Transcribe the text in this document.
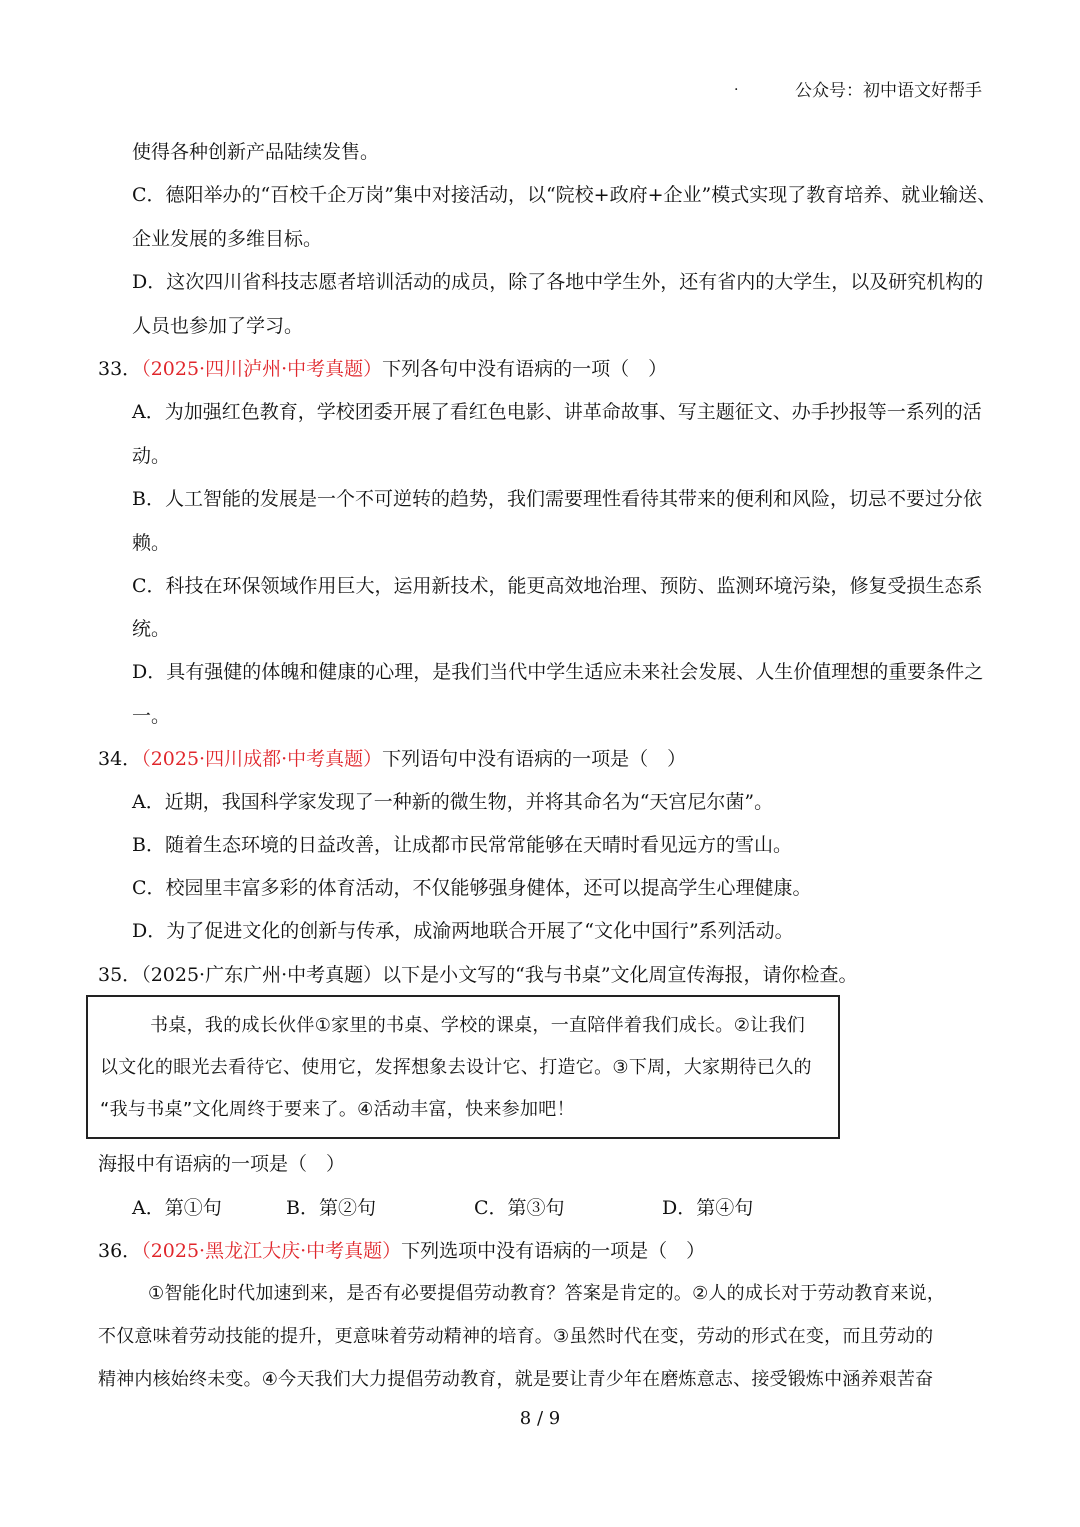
.	公众号：初中语文好帮手
使得各种创新产品陆续发售。
C．德阳举办的“百校千企万岗”集中对接活动，以“院校+政府+企业”模式实现了教育培养、就业输送、
企业发展的多维目标。
D．这次四川省科技志愿者培训活动的成员，除了各地中学生外，还有省内的大学生，以及研究机构的
人员也参加了学习。
33．（2025·四川泸州·中考真题）下列各句中没有语病的一项（　）
A．为加强红色教育，学校团委开展了看红色电影、讲革命故事、写主题征文、办手抄报等一系列的活
动。
B．人工智能的发展是一个不可逆转的趋势，我们需要理性看待其带来的便利和风险，切忌不要过分依
赖。
C．科技在环保领域作用巨大，运用新技术，能更高效地治理、预防、监测环境污染，修复受损生态系
统。
D．具有强健的体魄和健康的心理，是我们当代中学生适应未来社会发展、人生价值理想的重要条件之
一。
34．（2025·四川成都·中考真题）下列语句中没有语病的一项是（　）
A．近期，我国科学家发现了一种新的微生物，并将其命名为“天宫尼尔菌”。
B．随着生态环境的日益改善，让成都市民常常能够在天晴时看见远方的雪山。
C．校园里丰富多彩的体育活动，不仅能够强身健体，还可以提高学生心理健康。
D．为了促进文化的创新与传承，成渝两地联合开展了“文化中国行”系列活动。
35．（2025·广东广州·中考真题）以下是小文写的“我与书桌”文化周宣传海报，请你检查。
书桌，我的成长伙伴①家里的书桌、学校的课桌，一直陪伴着我们成长。②让我们
以文化的眼光去看待它、使用它，发挥想象去设计它、打造它。③下周，大家期待已久的
“我与书桌”文化周终于要来了。④活动丰富，快来参加吧！
海报中有语病的一项是（　）
A．第①句	B．第②句	C．第③句	D．第④句
36．（2025·黑龙江大庆·中考真题）下列选项中没有语病的一项是（　）
①智能化时代加速到来，是否有必要提倡劳动教育？答案是肯定的。②人的成长对于劳动教育来说，
不仅意味着劳动技能的提升，更意味着劳动精神的培育。③虽然时代在变，劳动的形式在变，而且劳动的
精神内核始终未变。④今天我们大力提倡劳动教育，就是要让青少年在磨炼意志、接受锻炼中涵养艰苦奋
8 / 9
